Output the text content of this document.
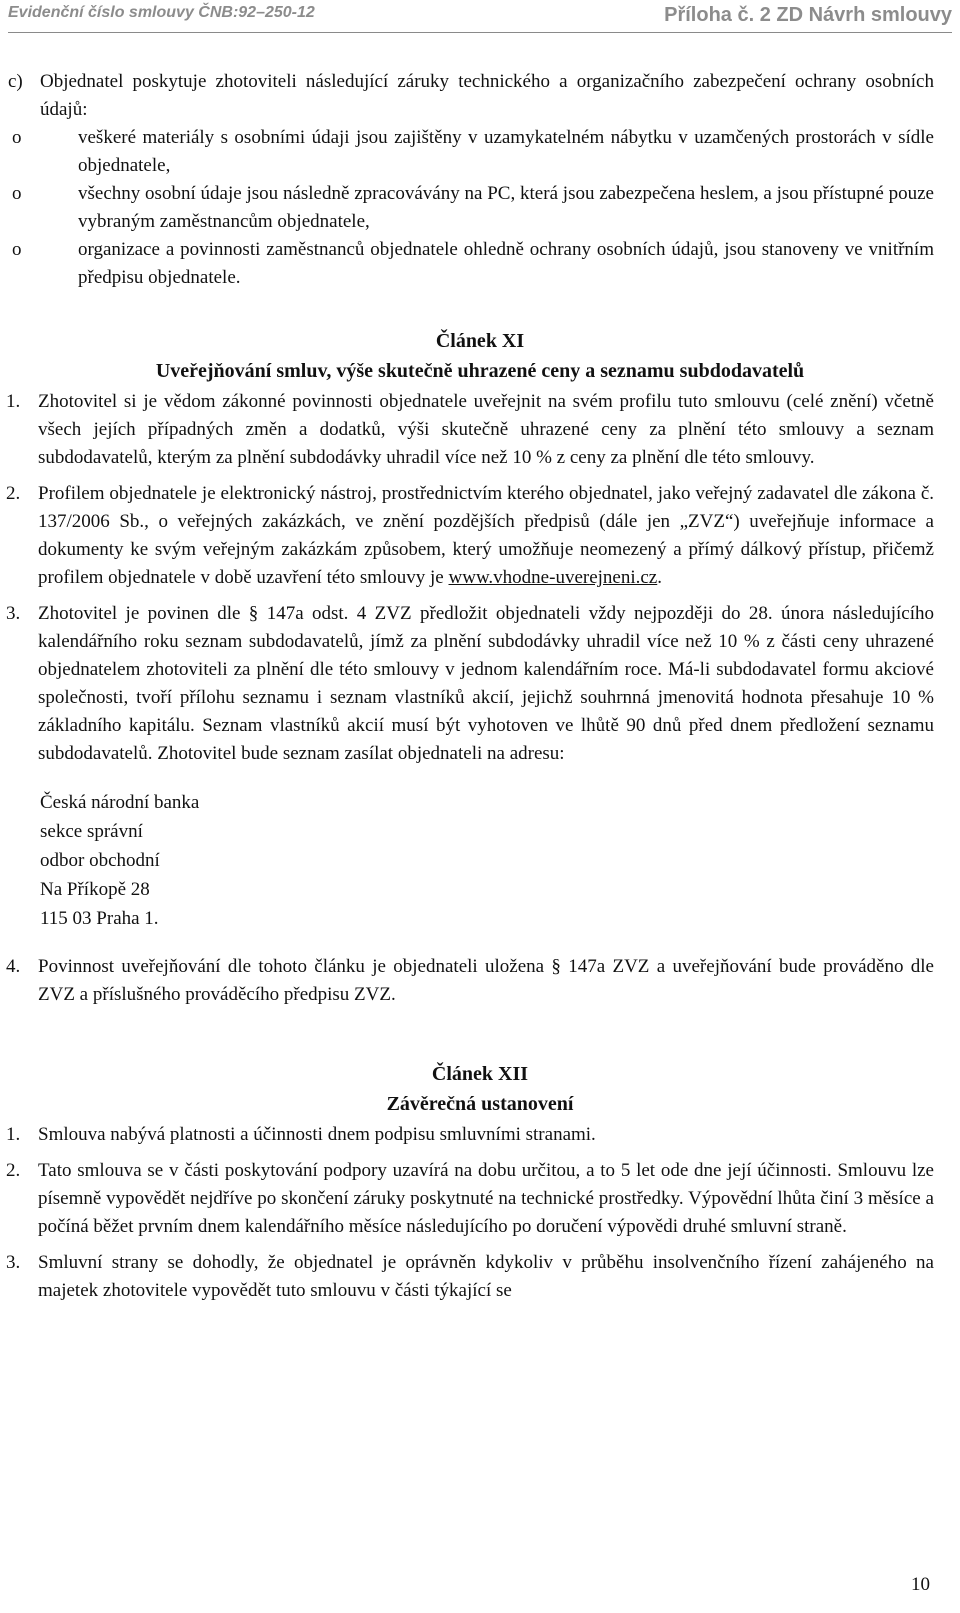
Evidenční číslo smlouvy ČNB:92–250-12	Příloha č. 2 ZD Návrh smlouvy
c) Objednatel poskytuje zhotoviteli následující záruky technického a organizačního zabezpečení ochrany osobních údajů:
o	veškeré materiály s osobními údaji jsou zajištěny v uzamykatelném nábytku v uzamčených prostorách v sídle objednatele,
o	všechny osobní údaje jsou následně zpracovávány na PC, která jsou zabezpečena heslem, a jsou přístupné pouze vybraným zaměstnancům objednatele,
o	organizace a povinnosti zaměstnanců objednatele ohledně ochrany osobních údajů, jsou stanoveny ve vnitřním předpisu objednatele.

Článek XI

Uveřejňování smluv, výše skutečně uhrazené ceny a seznamu subdodavatelů

1. Zhotovitel si je vědom zákonné povinnosti objednatele uveřejnit na svém profilu tuto smlouvu (celé znění) včetně všech jejích případných změn a dodatků, výši skutečně uhrazené ceny za plnění této smlouvy a seznam subdodavatelů, kterým za plnění subdodávky uhradil více než 10 % z ceny za plnění dle této smlouvy.
2. Profilem objednatele je elektronický nástroj, prostřednictvím kterého objednatel, jako veřejný zadavatel dle zákona č. 137/2006 Sb., o veřejných zakázkách, ve znění pozdějších předpisů (dále jen „ZVZ“) uveřejňuje informace a dokumenty ke svým veřejným zakázkám způsobem, který umožňuje neomezený a přímý dálkový přístup, přičemž profilem objednatele v době uzavření této smlouvy je www.vhodne-uverejneni.cz.
3. Zhotovitel je povinen dle § 147a odst. 4 ZVZ předložit objednateli vždy nejpozději do 28. února následujícího kalendářního roku seznam subdodavatelů, jímž za plnění subdodávky uhradil více než 10 % z části ceny uhrazené objednatelem zhotoviteli za plnění dle této smlouvy v jednom kalendářním roce. Má-li subdodavatel formu akciové společnosti, tvoří přílohu seznamu i seznam vlastníků akcií, jejichž souhrnná jmenovitá hodnota přesahuje 10 % základního kapitálu. Seznam vlastníků akcií musí být vyhotoven ve lhůtě 90 dnů před dnem předložení seznamu subdodavatelů. Zhotovitel bude seznam zasílat objednateli na adresu:
Česká národní banka
sekce správní
odbor obchodní
Na Příkopě 28
115 03 Praha 1.
4. Povinnost uveřejňování dle tohoto článku je objednateli uložena § 147a ZVZ a uveřejňování bude prováděno dle ZVZ a příslušného prováděcího předpisu ZVZ.

Článek XII

Závěrečná ustanovení

1. Smlouva nabývá platnosti a účinnosti dnem podpisu smluvními stranami.
2. Tato smlouva se v části poskytování podpory uzavírá na dobu určitou, a to 5 let ode dne její účinnosti. Smlouvu lze písemně vypovědět nejdříve po skončení záruky poskytnuté na technické prostředky. Výpovědní lhůta činí 3 měsíce a počíná běžet prvním dnem kalendářního měsíce následujícího po doručení výpovědi druhé smluvní straně.
3. Smluvní strany se dohodly, že objednatel je oprávněn kdykoliv v průběhu insolvenčního řízení zahájeného na majetek zhotovitele vypovědět tuto smlouvu v části týkající se
10
